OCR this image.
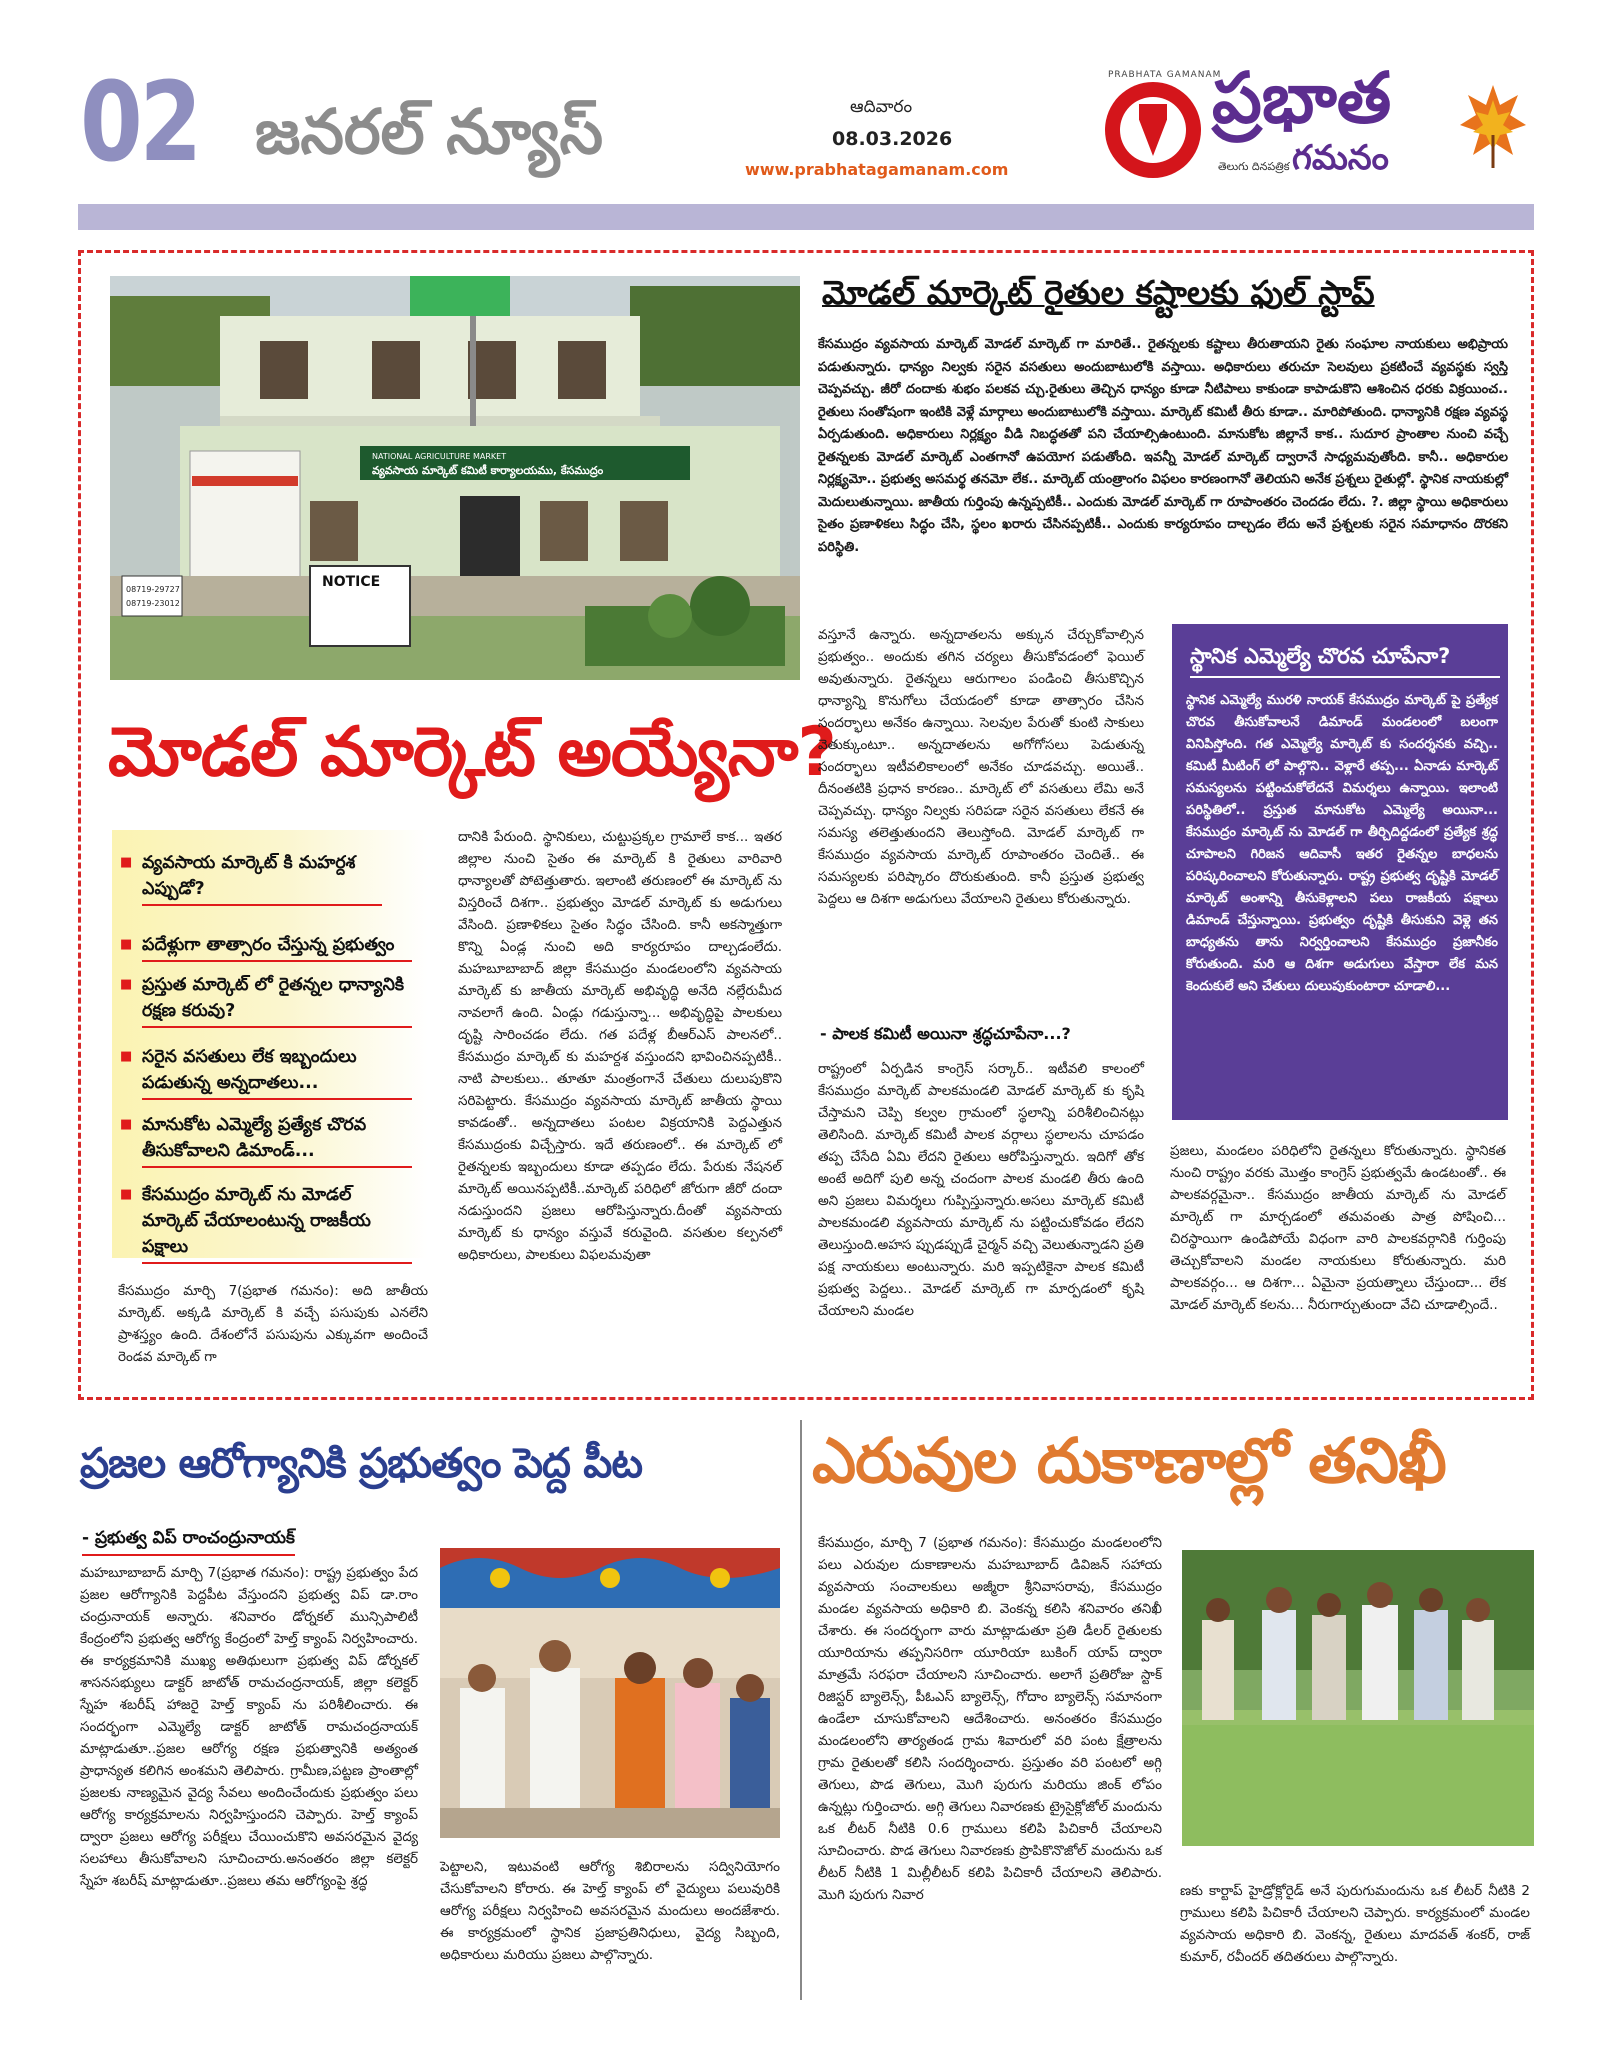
02 జనరల్ న్యూస్	ఆదివారం
08.03.2026
www.prabhatagamanam.com
PRABHATA GAMANAM
ప్రభాత
గమనం
తెలుగు దినపత్రిక
NATIONAL AGRICULTURE MARKET
వ్యవసాయ మార్కెట్ కమిటీ కార్యాలయము, కేసముద్రం
08719-29727
08719-23012
NOTICE
మోడల్ మార్కెట్ రైతుల కష్టాలకు ఫుల్ స్టాప్
కేసముద్రం వ్యవసాయ మార్కెట్ మోడల్ మార్కెట్ గా మారితే.. రైతన్నలకు కష్టాలు తీరుతాయని రైతు సంఘాల నాయకులు అభిప్రాయ పడుతున్నారు. ధాన్యం నిల్వకు సరైన వసతులు అందుబాటులోకి వస్తాయి. అధికారులు తరుచూ సెలవులు ప్రకటించే వ్యవస్థకు స్వస్తి చెప్పవచ్చు. జీరో దందాకు శుభం పలకవ చ్చు.రైతులు తెచ్చిన ధాన్యం కూడా నీటిపాలు కాకుండా కాపాడుకొని ఆశించిన ధరకు విక్రయించ.. రైతులు సంతోషంగా ఇంటికి వెళ్లే మార్గాలు అందుబాటులోకి వస్తాయి. మార్కెట్ కమిటీ తీరు కూడా.. మారిపోతుంది. ధాన్యానికి రక్షణ వ్యవస్థ ఏర్పడుతుంది. అధికారులు నిర్లక్ష్యం వీడి నిబద్ధతతో పని చేయాల్సిఉంటుంది. మానుకోట జిల్లానే కాక.. సుదూర ప్రాంతాల నుంచి వచ్చే రైతన్నలకు మోడల్ మార్కెట్ ఎంతగానో ఉపయోగ పడుతోంది. ఇవన్నీ మోడల్ మార్కెట్ ద్వారానే సాధ్యమవుతోంది. కానీ.. అధికారుల నిర్లక్ష్యమో.. ప్రభుత్వ అసమర్థ తనమో లేక.. మార్కెట్ యంత్రాంగం విఫలం కారణంగానో తెలియని అనేక ప్రశ్నలు రైతుల్లో. స్థానిక నాయకుల్లో మెదులుతున్నాయి. జాతీయ గుర్తింపు ఉన్నప్పటికీ.. ఎందుకు మోడల్ మార్కెట్ గా రూపాంతరం చెందడం లేదు. ?. జిల్లా స్థాయి అధికారులు సైతం ప్రణాళికలు సిద్ధం చేసి, స్థలం ఖరారు చేసినప్పటికీ.. ఎందుకు కార్యరూపం దాల్చడం లేదు అనే ప్రశ్నలకు సరైన సమాధానం దొరకని పరిస్థితి.
మోడల్ మార్కెట్ అయ్యేనా?
■ వ్యవసాయ మార్కెట్ కి మహర్దశ ఎప్పుడో?
■ పదేళ్లుగా తాత్సారం చేస్తున్న ప్రభుత్వం
■ ప్రస్తుత మార్కెట్ లో రైతన్నల ధాన్యానికి రక్షణ కరువు?
■ సరైన వసతులు లేక ఇబ్బందులు పడుతున్న అన్నదాతలు...
■ మానుకోట ఎమ్మెల్యే ప్రత్యేక చొరవ తీసుకోవాలని డిమాండ్...
■ కేసముద్రం మార్కెట్ ను మోడల్ మార్కెట్ చేయాలంటున్న రాజకీయ పక్షాలు
కేసముద్రం మార్చి 7(ప్రభాత గమనం): అది జాతీయ మార్కెట్. అక్కడి మార్కెట్ కి వచ్చే పసుపుకు ఎనలేని ప్రాశస్త్యం ఉంది. దేశంలోనే పసుపును ఎక్కువగా అందించే రెండవ మార్కెట్ గా
దానికి పేరుంది. స్థానికులు, చుట్టుప్రక్కల గ్రామాలే కాక... ఇతర జిల్లాల నుంచి సైతం ఈ మార్కెట్ కి రైతులు వారివారి ధాన్యాలతో పోటెత్తుతారు. ఇలాంటి తరుణంలో ఈ మార్కెట్ ను విస్తరించే దిశగా.. ప్రభుత్వం మోడల్ మార్కెట్ కు అడుగులు వేసింది. ప్రణాళికలు సైతం సిద్ధం చేసింది. కానీ అకస్మాత్తుగా కొన్ని ఏండ్ల నుంచి అది కార్యరూపం దాల్చడంలేదు. మహబూబాబాద్ జిల్లా కేసముద్రం మండలంలోని వ్యవసాయ మార్కెట్ కు జాతీయ మార్కెట్ అభివృద్ధి అనేది నల్లేరుమీద నావలాగే ఉంది. ఏండ్లు గడుస్తున్నా... అభివృద్ధిపై పాలకులు దృష్టి సారించడం లేదు. గత పదేళ్ల బీఆర్ఎస్ పాలనలో.. కేసముద్రం మార్కెట్ కు మహర్దశ వస్తుందని భావించినప్పటికీ.. నాటి పాలకులు.. తూతూ మంత్రంగానే చేతులు దులుపుకొని సరిపెట్టారు. కేసముద్రం వ్యవసాయ మార్కెట్ జాతీయ స్థాయి కావడంతో.. అన్నదాతలు పంటల విక్రయానికి పెద్దఎత్తున కేసముద్రంకు విచ్చేస్తారు. ఇదే తరుణంలో.. ఈ మార్కెట్ లో రైతన్నలకు ఇబ్బందులు కూడా తప్పడం లేదు. పేరుకు నేషనల్ మార్కెట్ అయినప్పటికీ..మార్కెట్ పరిధిలో జోరుగా జీరో దందా నడుస్తుందని ప్రజలు ఆరోపిస్తున్నారు.దీంతో వ్యవసాయ మార్కెట్ కు ధాన్యం వస్తువే కరువైంది. వసతుల కల్పనలో అధికారులు, పాలకులు విఫలమవుతా
వస్తూనే ఉన్నారు. అన్నదాతలను అక్కున చేర్చుకోవాల్సిన ప్రభుత్వం.. అందుకు తగిన చర్యలు తీసుకోవడంలో ఫెయిల్ అవుతున్నారు. రైతన్నలు ఆరుగాలం పండించి తీసుకొచ్చిన ధాన్యాన్ని కొనుగోలు చేయడంలో కూడా తాత్సారం చేసిన సందర్భాలు అనేకం ఉన్నాయి. సెలవుల పేరుతో కుంటి సాకులు వెతుక్కుంటూ.. అన్నదాతలను అగోగోసలు పెడుతున్న సందర్భాలు ఇటీవలికాలంలో అనేకం చూడవచ్చు. అయితే.. దీనంతటికి ప్రధాన కారణం.. మార్కెట్ లో వసతులు లేమి అనే చెప్పవచ్చు. ధాన్యం నిల్వకు సరిపడా సరైన వసతులు లేకనే ఈ సమస్య తలెత్తుతుందని తెలుస్తోంది. మోడల్ మార్కెట్ గా కేసముద్రం వ్యవసాయ మార్కెట్ రూపాంతరం చెందితే.. ఈ సమస్యలకు పరిష్కారం దొరుకుతుంది. కానీ ప్రస్తుత ప్రభుత్వ పెద్దలు ఆ దిశగా అడుగులు వేయాలని రైతులు కోరుతున్నారు.
- పాలక కమిటీ అయినా శ్రద్ధచూపేనా...?
రాష్ట్రంలో ఏర్పడిన కాంగ్రెస్ సర్కార్.. ఇటీవలి కాలంలో కేసముద్రం మార్కెట్ పాలకమండలి మోడల్ మార్కెట్ కు కృషి చేస్తామని చెప్పి కల్వల గ్రామంలో స్థలాన్ని పరిశీలించినట్లు తెలిసింది. మార్కెట్ కమిటీ పాలక వర్గాలు స్థలాలను చూపడం తప్ప చేసేది ఏమి లేదని రైతులు ఆరోపిస్తున్నారు. ఇదిగో తోక అంటే అదిగో పులి అన్న చందంగా పాలక మండలి తీరు ఉంది అని ప్రజలు విమర్శలు గుప్పిస్తున్నారు.అసలు మార్కెట్ కమిటీ పాలకమండలి వ్యవసాయ మార్కెట్ ను పట్టించుకోవడం లేదని తెలుస్తుంది.అహస ప్పుడప్పుడే చైర్మన్ వచ్చి వెలుతున్నాడని ప్రతి పక్ష నాయకులు అంటున్నారు. మరి ఇప్పటికైనా పాలక కమిటీ ప్రభుత్వ పెద్దలు.. మోడల్ మార్కెట్ గా మార్పడంలో కృషి చేయాలని మండల
స్థానిక ఎమ్మెల్యే చొరవ చూపేనా?
స్థానిక ఎమ్మెల్యే మురళి నాయక్ కేసముద్రం మార్కెట్ పై ప్రత్యేక చొరవ తీసుకోవాలనే డిమాండ్ మండలంలో బలంగా వినిపిస్తోంది. గత ఎమ్మెల్యే మార్కెట్ కు సందర్శనకు వచ్చి.. కమిటీ మీటింగ్ లో పాల్గొని.. వెళ్లారే తప్ప... ఏనాడు మార్కెట్ సమస్యలను పట్టించుకోలేదనే విమర్శలు ఉన్నాయి. ఇలాంటి పరిస్థితిలో.. ప్రస్తుత మానుకోట ఎమ్మెల్యే అయినా... కేసముద్రం మార్కెట్ ను మోడల్ గా తీర్చిదిద్దడంలో ప్రత్యేక శ్రద్ధ చూపాలని గిరిజన ఆదివాసీ ఇతర రైతన్నల బాధలను పరిష్కరించాలని కోరుతున్నారు. రాష్ట్ర ప్రభుత్వ దృష్టికి మోడల్ మార్కెట్ అంశాన్ని తీసుకెళ్లాలని పలు రాజకీయ పక్షాలు డిమాండ్ చేస్తున్నాయి. ప్రభుత్వం దృష్టికి తీసుకుని వెళ్లె తన బాధ్యతను తాను నిర్వర్తించాలని కేసముద్రం ప్రజానీకం కోరుతుంది. మరి ఆ దిశగా అడుగులు వేస్తారా లేక మన కెందుకులే అని చేతులు దులుపుకుంటారా చూడాలి...
ప్రజలు, మండలం పరిధిలోని రైతన్నలు కోరుతున్నారు. స్థానికత నుంచి రాష్ట్రం వరకు మొత్తం కాంగ్రెస్ ప్రభుత్వమే ఉండటంతో.. ఈ పాలకవర్గమైనా.. కేసముద్రం జాతీయ మార్కెట్ ను మోడల్ మార్కెట్ గా మార్చడంలో తమవంతు పాత్ర పోషించి... చిరస్థాయిగా ఉండిపోయే విధంగా వారి పాలకవర్గానికి గుర్తింపు తెచ్చుకోవాలని మండల నాయకులు కోరుతున్నారు. మరి పాలకవర్గం... ఆ దిశగా... ఏమైనా ప్రయత్నాలు చేస్తుందా... లేక మోడల్ మార్కెట్ కలను... నీరుగార్చుతుందా వేచి చూడాల్సిందే..
ప్రజల ఆరోగ్యానికి ప్రభుత్వం పెద్ద పీట
- ప్రభుత్వ విప్ రాంచంద్రునాయక్
మహబూబాబాద్ మార్చి 7(ప్రభాత గమనం): రాష్ట్ర ప్రభుత్వం పేద ప్రజల ఆరోగ్యానికి పెద్దపీట వేస్తుందని ప్రభుత్వ విప్ డా.రాం చంద్రునాయక్ అన్నారు. శనివారం డోర్నకల్ మున్సిపాలిటీ కేంద్రంలోని ప్రభుత్వ ఆరోగ్య కేంద్రంలో హెల్త్ క్యాంప్ నిర్వహించారు. ఈ కార్యక్రమానికి ముఖ్య అతిథులుగా ప్రభుత్వ విప్ డోర్నకల్ శాసనసభ్యులు డాక్టర్ జాటోత్ రామచంద్రనాయక్, జిల్లా కలెక్టర్ స్నేహ శబరీష్ హాజరై హెల్త్ క్యాంప్ ను పరిశీలించారు. ఈ సందర్భంగా ఎమ్మెల్యే డాక్టర్ జాటోత్ రామచంద్రనాయక్ మాట్లాడుతూ..ప్రజల ఆరోగ్య రక్షణ ప్రభుత్వానికి అత్యంత ప్రాధాన్యత కలిగిన అంశమని తెలిపారు. గ్రామీణ,పట్టణ ప్రాంతాల్లో ప్రజలకు నాణ్యమైన వైద్య సేవలు అందించేందుకు ప్రభుత్వం పలు ఆరోగ్య కార్యక్రమాలను నిర్వహిస్తుందని చెప్పారు. హెల్త్ క్యాంప్ ద్వారా ప్రజలు ఆరోగ్య పరీక్షలు చేయించుకొని అవసరమైన వైద్య సలహాలు తీసుకోవాలని సూచించారు.అనంతరం జిల్లా కలెక్టర్ స్నేహ శబరీష్ మాట్లాడుతూ..ప్రజలు తమ ఆరోగ్యంపై శ్రద్ధ
పెట్టాలని, ఇటువంటి ఆరోగ్య శిబిరాలను సద్వినియోగం చేసుకోవాలని కోరారు. ఈ హెల్త్ క్యాంప్ లో వైద్యులు పలువురికి ఆరోగ్య పరీక్షలు నిర్వహించి అవసరమైన మందులు అందజేశారు. ఈ కార్యక్రమంలో స్థానిక ప్రజాప్రతినిధులు, వైద్య సిబ్బంది, అధికారులు మరియు ప్రజలు పాల్గొన్నారు.
ఎరువుల దుకాణాల్లో తనిఖీ
కేసముద్రం, మార్చి 7 (ప్రభాత గమనం): కేసముద్రం మండలంలోని పలు ఎరువుల దుకాణాలను మహబూబాద్ డివిజన్ సహాయ వ్యవసాయ సంచాలకులు అజ్మీరా శ్రీనివాసరావు, కేసముద్రం మండల వ్యవసాయ అధికారి బి. వెంకన్న కలిసి శనివారం తనిఖీ చేశారు. ఈ సందర్భంగా వారు మాట్లాడుతూ ప్రతి డీలర్ రైతులకు యూరియాను తప్పనిసరిగా యూరియా బుకింగ్ యాప్ ద్వారా మాత్రమే సరఫరా చేయాలని సూచించారు. అలాగే ప్రతిరోజు స్టాక్ రిజిస్టర్ బ్యాలెన్స్, పీఓఎస్ బ్యాలెన్స్, గోదాం బ్యాలెన్స్ సమానంగా ఉండేలా చూసుకోవాలని ఆదేశించారు. అనంతరం కేసముద్రం మండలంలోని తార్యతండ గ్రామ శివారులో వరి పంట క్షేత్రాలను గ్రామ రైతులతో కలిసి సందర్శించారు. ప్రస్తుతం వరి పంటలో అగ్గి తెగులు, పొడ తెగులు, మొగి పురుగు మరియు జింక్ లోపం ఉన్నట్లు గుర్తించారు. అగ్గి తెగులు నివారణకు ట్రైసైక్లోజోల్ మందును ఒక లీటర్ నీటికి 0.6 గ్రాములు కలిపి పిచికారీ చేయాలని సూచించారు. పొడ తెగులు నివారణకు ప్రొపికొనొజోల్ మందును ఒక లీటర్ నీటికి 1 మిల్లీలీటర్ కలిపి పిచికారీ చేయాలని తెలిపారు. మొగి పురుగు నివార	ణకు కార్టాప్ హైడ్రోక్లోరైడ్ అనే పురుగుమందును ఒక లీటర్ నీటికి 2 గ్రాములు కలిపి పిచికారీ చేయాలని చెప్పారు. కార్యక్రమంలో మండల వ్యవసాయ అధికారి బి. వెంకన్న, రైతులు మాదవత్ శంకర్, రాజ్ కుమార్, రవీందర్ తదితరులు పాల్గొన్నారు.
